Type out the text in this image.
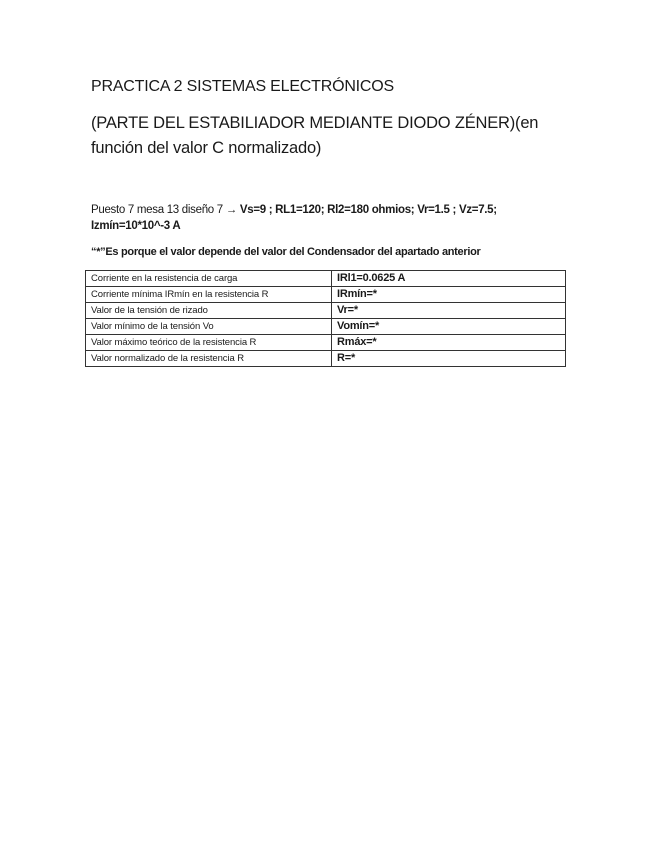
PRACTICA 2 SISTEMAS ELECTRÓNICOS
(PARTE DEL ESTABILIADOR MEDIANTE DIODO ZÉNER)(en
función del valor C normalizado)
Puesto 7 mesa 13 diseño 7 → Vs=9 ; RL1=120; Rl2=180 ohmios; Vr=1.5 ; Vz=7.5;
Izmín=10*10^-3 A
“*”Es porque el valor depende del valor del Condensador del apartado anterior
Corriente en la resistencia de carga	IRl1=0.0625 A
Corriente mínima IRmín en la resistencia R	IRmín=*
Valor de la tensión de rizado	Vr=*
Valor mínimo de la tensión Vo	Vomín=*
Valor máximo teórico de la resistencia R	Rmáx=*
Valor normalizado de la resistencia R	R=*
